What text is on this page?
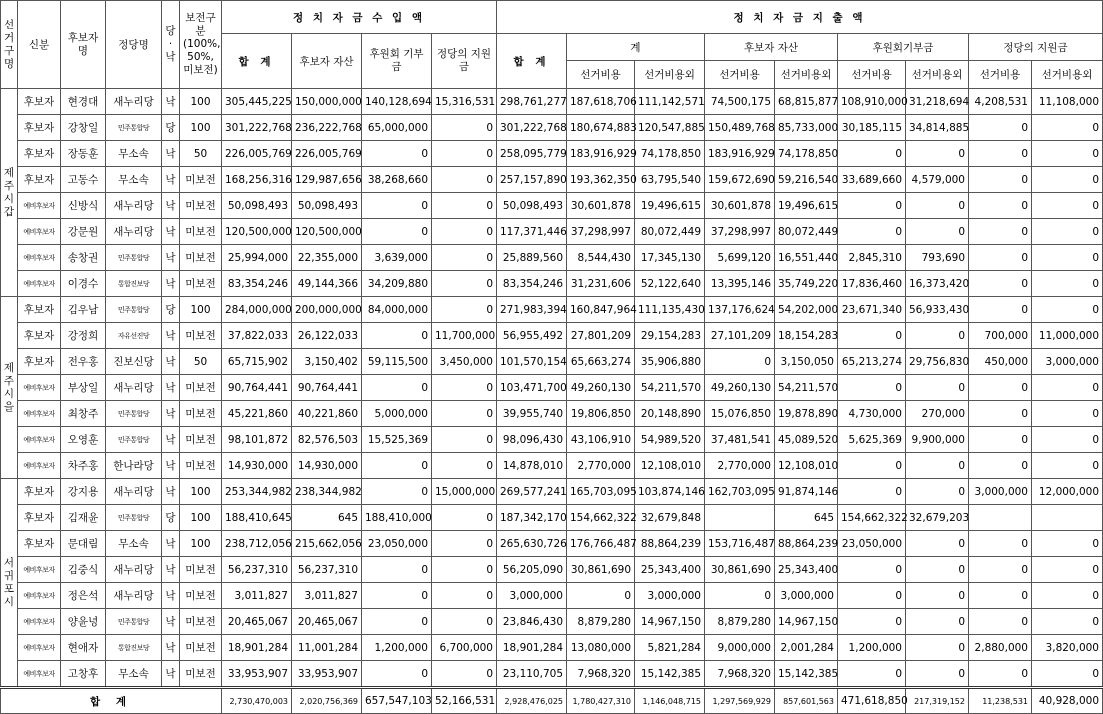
선거구명	신분	후보자명	정당명	당·낙	보전구분(100%, 50%, 미보전)	정 치 자 금 수 입 액				정 치 자 금 지 출 액								
						합 계	후보자 자산	후원회 기부금	정당의 지원금	합 계	계		후보자 자산		후원회기부금		정당의 지원금	
											선거비용	선거비용외	선거비용	선거비용외	선거비용	선거비용외	선거비용	선거비용외
제
주
시
갑	후보자	현경대	새누리당	낙	100	305,445,225	150,000,000	140,128,694	15,316,531	298,761,277	187,618,706	111,142,571	74,500,175	68,815,877	108,910,000	31,218,694	4,208,531	11,108,000
	후보자	강창일	민주통합당	당	100	301,222,768	236,222,768	65,000,000	0	301,222,768	180,674,883	120,547,885	150,489,768	85,733,000	30,185,115	34,814,885	0	0
	후보자	장동훈	무소속	낙	50	226,005,769	226,005,769	0	0	258,095,779	183,916,929	74,178,850	183,916,929	74,178,850	0	0	0	0
	후보자	고동수	무소속	낙	미보전	168,256,316	129,987,656	38,268,660	0	257,157,890	193,362,350	63,795,540	159,672,690	59,216,540	33,689,660	4,579,000	0	0
	예비후보자	신방식	새누리당	낙	미보전	50,098,493	50,098,493	0	0	50,098,493	30,601,878	19,496,615	30,601,878	19,496,615	0	0	0	0
	예비후보자	강문원	새누리당	낙	미보전	120,500,000	120,500,000	0	0	117,371,446	37,298,997	80,072,449	37,298,997	80,072,449	0	0	0	0
	예비후보자	송창권	민주통합당	낙	미보전	25,994,000	22,355,000	3,639,000	0	25,889,560	8,544,430	17,345,130	5,699,120	16,551,440	2,845,310	793,690	0	0
	예비후보자	이경수	통합진보당	낙	미보전	83,354,246	49,144,366	34,209,880	0	83,354,246	31,231,606	52,122,640	13,395,146	35,749,220	17,836,460	16,373,420	0	0
제
주
시
을	후보자	김우남	민주통합당	당	100	284,000,000	200,000,000	84,000,000	0	271,983,394	160,847,964	111,135,430	137,176,624	54,202,000	23,671,340	56,933,430	0	0
	후보자	강정희	자유선진당	낙	미보전	37,822,033	26,122,033	0	11,700,000	56,955,492	27,801,209	29,154,283	27,101,209	18,154,283	0	0	700,000	11,000,000
	후보자	전우홍	진보신당	낙	50	65,715,902	3,150,402	59,115,500	3,450,000	101,570,154	65,663,274	35,906,880	0	3,150,050	65,213,274	29,756,830	450,000	3,000,000
	예비후보자	부상일	새누리당	낙	미보전	90,764,441	90,764,441	0	0	103,471,700	49,260,130	54,211,570	49,260,130	54,211,570	0	0	0	0
	예비후보자	최창주	민주통합당	낙	미보전	45,221,860	40,221,860	5,000,000	0	39,955,740	19,806,850	20,148,890	15,076,850	19,878,890	4,730,000	270,000	0	0
	예비후보자	오영훈	민주통합당	낙	미보전	98,101,872	82,576,503	15,525,369	0	98,096,430	43,106,910	54,989,520	37,481,541	45,089,520	5,625,369	9,900,000	0	0
	예비후보자	차주홍	한나라당	낙	미보전	14,930,000	14,930,000	0	0	14,878,010	2,770,000	12,108,010	2,770,000	12,108,010	0	0	0	0
서
귀
포
시	후보자	강지용	새누리당	낙	100	253,344,982	238,344,982	0	15,000,000	269,577,241	165,703,095	103,874,146	162,703,095	91,874,146	0	0	3,000,000	12,000,000
	후보자	김재윤	민주통합당	당	100	188,410,645	645	188,410,000	0	187,342,170	154,662,322	32,679,848		645	154,662,322	32,679,203		
	후보자	문대림	무소속	낙	100	238,712,056	215,662,056	23,050,000	0	265,630,726	176,766,487	88,864,239	153,716,487	88,864,239	23,050,000	0	0	0
	예비후보자	김중식	새누리당	낙	미보전	56,237,310	56,237,310	0	0	56,205,090	30,861,690	25,343,400	30,861,690	25,343,400	0	0	0	0
	예비후보자	정은석	새누리당	낙	미보전	3,011,827	3,011,827	0	0	3,000,000	0	3,000,000	0	3,000,000	0	0	0	0
	예비후보자	양윤녕	민주통합당	낙	미보전	20,465,067	20,465,067	0	0	23,846,430	8,879,280	14,967,150	8,879,280	14,967,150	0	0	0	0
	예비후보자	현애자	통합진보당	낙	미보전	18,901,284	11,001,284	1,200,000	6,700,000	18,901,284	13,080,000	5,821,284	9,000,000	2,001,284	1,200,000	0	2,880,000	3,820,000
	예비후보자	고창후	무소속	낙	미보전	33,953,907	33,953,907	0	0	23,110,705	7,968,320	15,142,385	7,968,320	15,142,385	0	0	0	0
합 계						2,730,470,003	2,020,756,369	657,547,103	52,166,531	2,928,476,025	1,780,427,310	1,146,048,715	1,297,569,929	857,601,563	471,618,850	217,319,152	11,238,531	40,928,000
